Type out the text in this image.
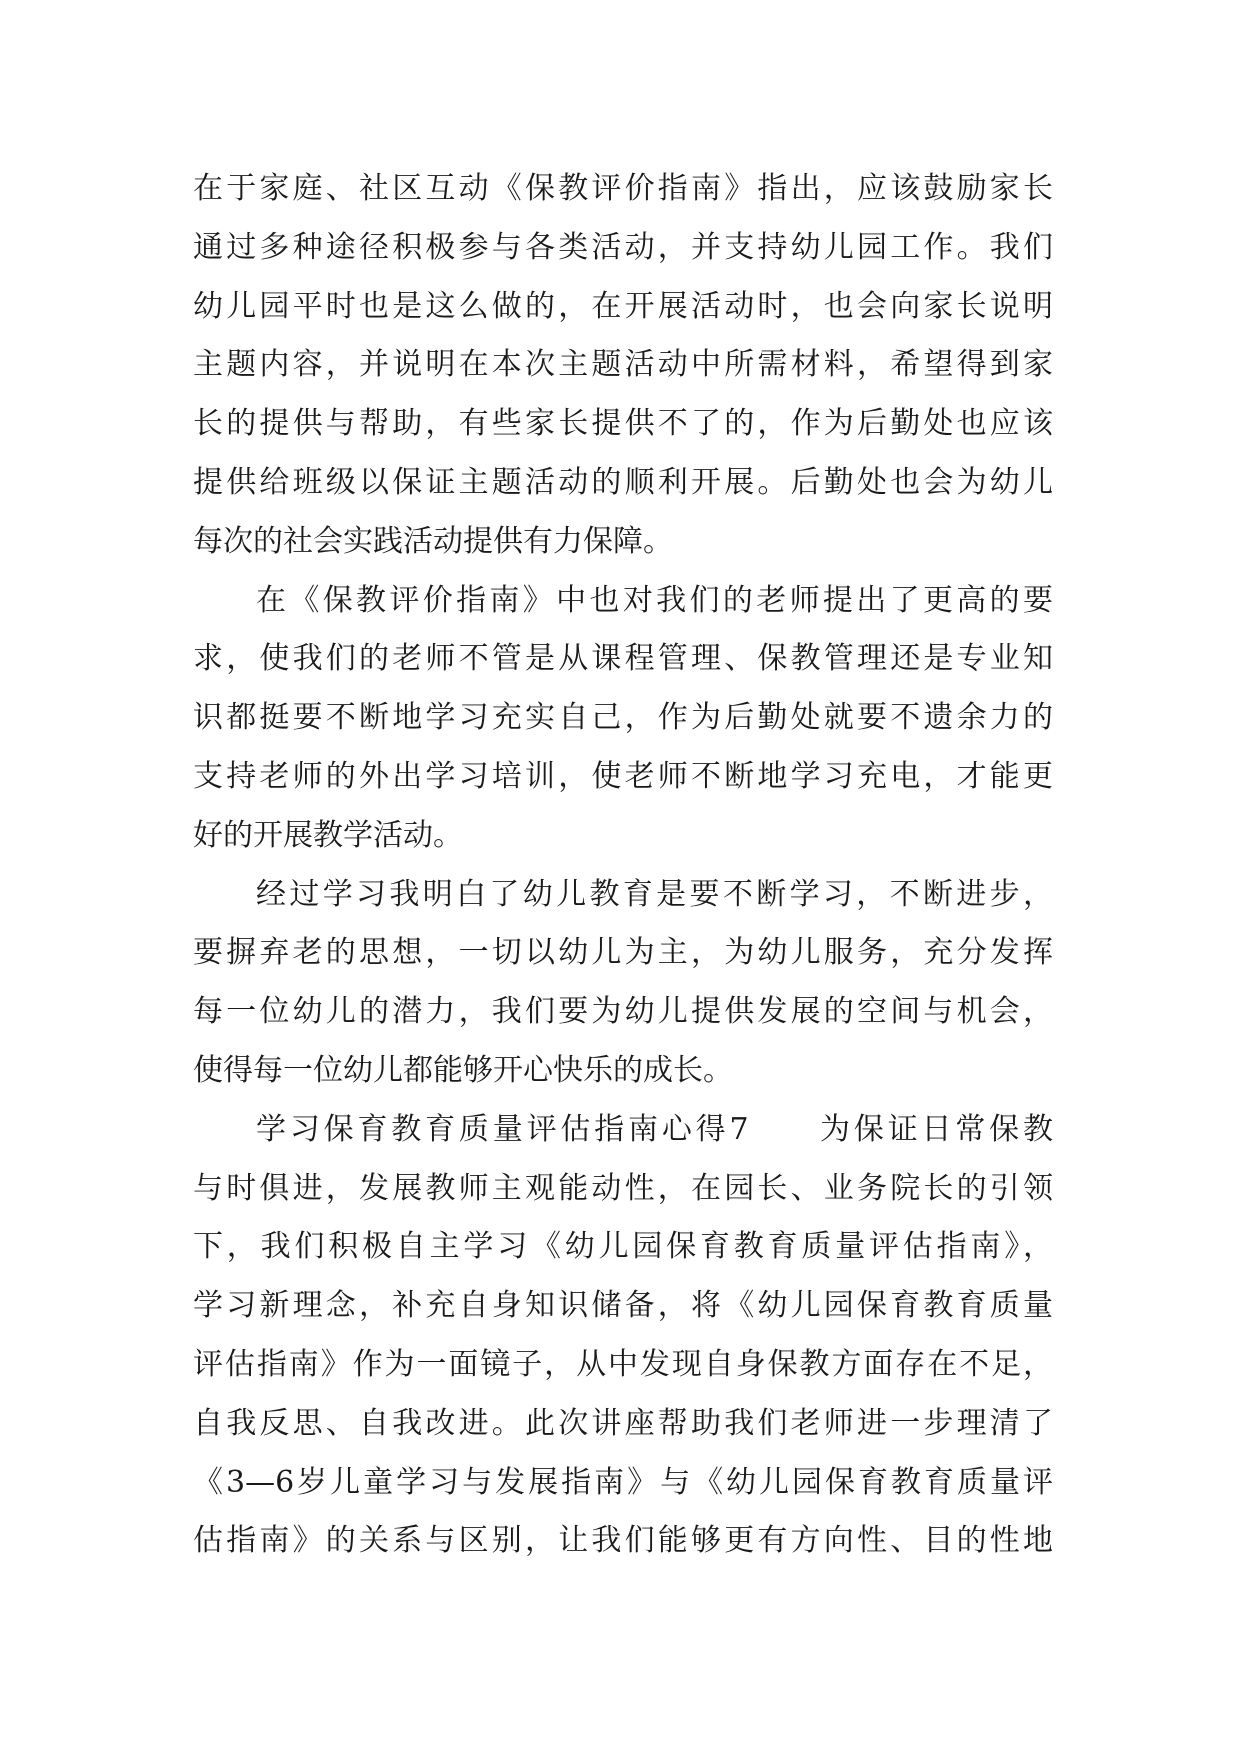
在于家庭、社区互动《保教评价指南》指出，应该鼓励家长
通过多种途径积极参与各类活动，并支持幼儿园工作。我们
幼儿园平时也是这么做的，在开展活动时，也会向家长说明
主题内容，并说明在本次主题活动中所需材料，希望得到家
长的提供与帮助，有些家长提供不了的，作为后勤处也应该
提供给班级以保证主题活动的顺利开展。后勤处也会为幼儿
每次的社会实践活动提供有力保障。
在《保教评价指南》中也对我们的老师提出了更高的要
求，使我们的老师不管是从课程管理、保教管理还是专业知
识都挺要不断地学习充实自己，作为后勤处就要不遗余力的
支持老师的外出学习培训，使老师不断地学习充电，才能更
好的开展教学活动。
经过学习我明白了幼儿教育是要不断学习，不断进步，
要摒弃老的思想，一切以幼儿为主，为幼儿服务，充分发挥
每一位幼儿的潜力，我们要为幼儿提供发展的空间与机会，
使得每一位幼儿都能够开心快乐的成长。
学习保育教育质量评估指南心得7　　为保证日常保教
与时俱进，发展教师主观能动性，在园长、业务院长的引领
下，我们积极自主学习《幼儿园保育教育质量评估指南》，
学习新理念，补充自身知识储备，将《幼儿园保育教育质量
评估指南》作为一面镜子，从中发现自身保教方面存在不足，
自我反思、自我改进。此次讲座帮助我们老师进一步理清了
《3—6岁儿童学习与发展指南》与《幼儿园保育教育质量评
估指南》的关系与区别，让我们能够更有方向性、目的性地
